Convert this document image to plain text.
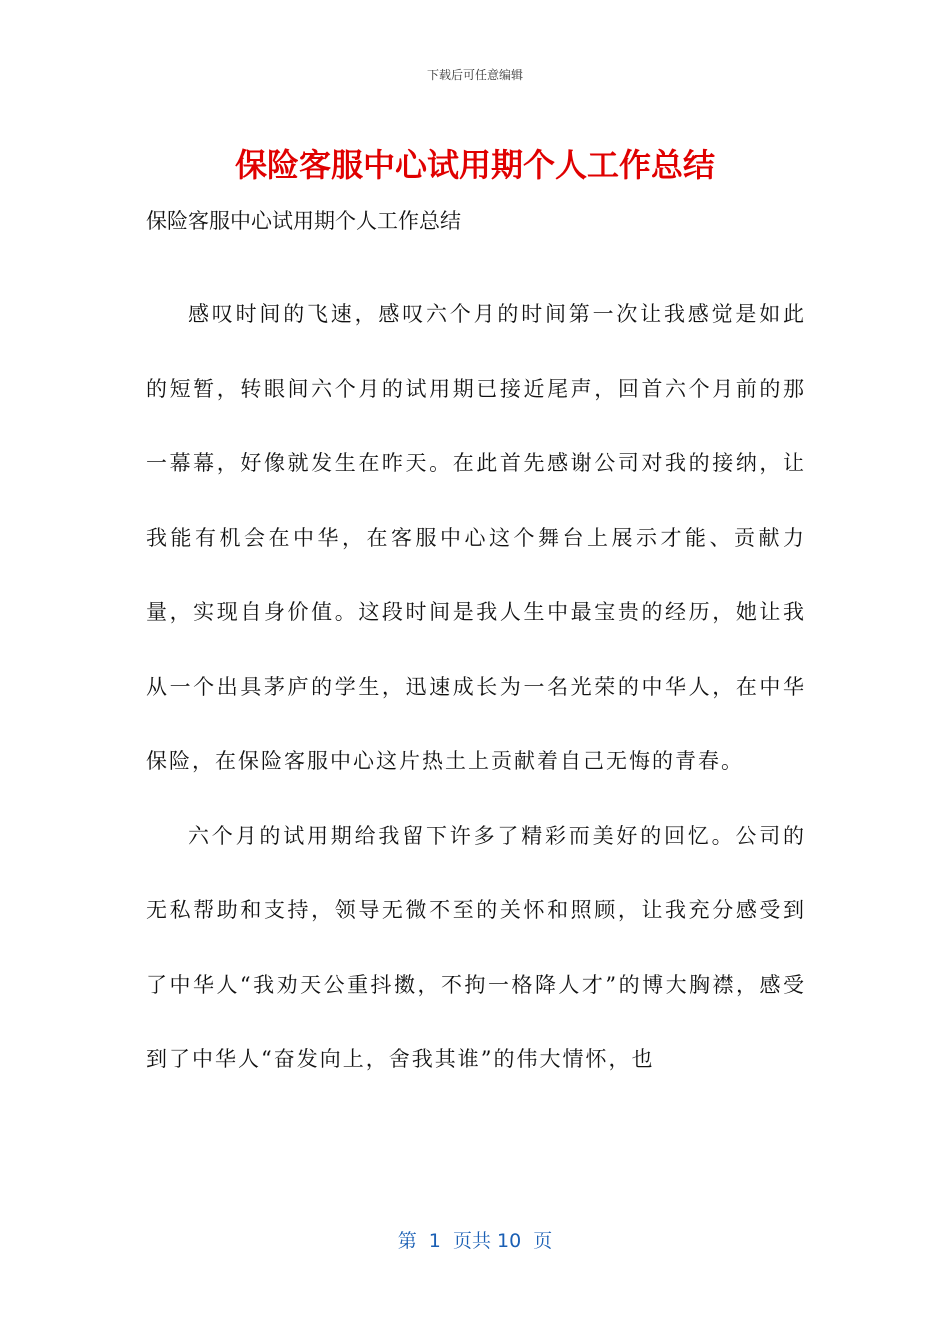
下载后可任意编辑
保险客服中心试用期个人工作总结
保险客服中心试用期个人工作总结

感叹时间的飞速，感叹六个月的时间第一次让我感觉是如此的短暂，转眼间六个月的试用期已接近尾声，回首六个月前的那一幕幕，好像就发生在昨天。在此首先感谢公司对我的接纳，让我能有机会在中华，在客服中心这个舞台上展示才能、贡献力量，实现自身价值。这段时间是我人生中最宝贵的经历，她让我从一个出具茅庐的学生，迅速成长为一名光荣的中华人，在中华保险，在保险客服中心这片热土上贡献着自己无悔的青春。

六个月的试用期给我留下许多了精彩而美好的回忆。公司的无私帮助和支持，领导无微不至的关怀和照顾，让我充分感受到了中华人“我劝天公重抖擞，不拘一格降人才”的博大胸襟，感受到了中华人“奋发向上，舍我其谁”的伟大情怀，也

第  1  页共 10  页
